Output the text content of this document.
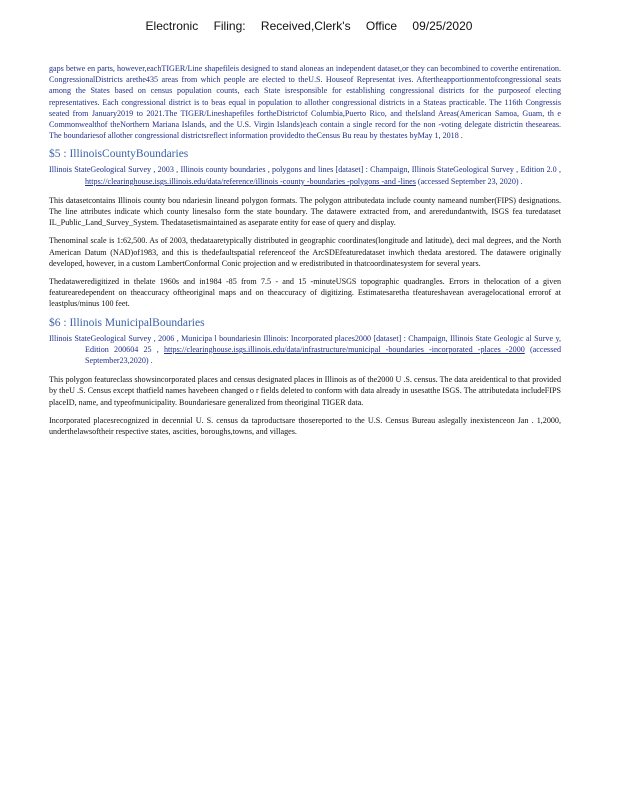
Electronic Filing: Received,Clerk's Office 09/25/2020

gaps betwe en parts, however,eachTIGER/Line shapefileis designed to stand aloneas an independent dataset,or they can becombined to coverthe entirenation. CongressionalDistricts arethe435 areas from which people are elected to theU.S. Houseof Representat ives. Aftertheapportionmentofcongressional seats among the States based on census population counts, each State isresponsible for establishing congressional districts for the purposeof electing representatives. Each congressional district is to beas equal in population to allother congressional districts in a Stateas practicable. The 116th Congressis seated from January2019 to 2021.The TIGER/Lineshapefiles fortheDistrictof Columbia,Puerto Rico, and theIsland Areas(American Samoa, Guam, th e Commonwealthof theNorthern Mariana Islands, and the U.S. Virgin Islands)each contain a single record for the non -voting delegate districtin theseareas. The boundariesof allother congressional districtsreflect information providedto theCensus Bu reau by thestates byMay 1, 2018 .

$5 : IllinoisCountyBoundaries

Illinois StateGeological Survey , 2003 , Illinois county boundaries , polygons and lines [dataset] : Champaign, Illinois StateGeological Survey , Edition 2.0 , https://clearinghouse.isgs.illinois.edu/data/reference/illinois -county -boundaries -polygons -and -lines (accessed September 23, 2020) .

This datasetcontains Illinois county bou ndariesin lineand polygon formats. The polygon attributedata include county nameand number(FIPS) designations. The line attributes indicate which county linesalso form the state boundary. The datawere extracted from, and areredundantwith, ISGS fea turedataset IL_Public_Land_Survey_System. Thedatasetismaintained as aseparate entity for ease of query and display.

Thenominal scale is 1:62,500. As of 2003, thedataaretypically distributed in geographic coordinates(longitude and latitude), deci mal degrees, and the North American Datum (NAD)of1983, and this is thedefaultspatial referenceof the ArcSDEfeaturedataset inwhich thedata arestored. The datawere originally developed, however, in a custom LambertConformal Conic projection and w eredistributed in thatcoordinatesystem for several years.

Thedataweredigitized in thelate 1960s and in1984 -85 from 7.5 - and 15 -minuteUSGS topographic quadrangles. Errors in thelocation of a given featurearedependent on theaccuracy oftheoriginal maps and on theaccuracy of digitizing. Estimatesaretha tfeatureshavean averagelocational errorof at leastplus/minus 100 feet.

$6 : Illinois MunicipalBoundaries

Illinois StateGeological Survey , 2006 , Municipa l boundariesin Illinois: Incorporated places2000 [dataset] : Champaign, Illinois State Geologic al Surve y, Edition 200604 25 , https://clearinghouse.isgs.illinois.edu/data/infrastructure/municipal -boundaries -incorporated -places -2000 (accessed September23,2020) .

This polygon featureclass showsincorporated places and census designated places in Illinois as of the2000 U .S. census. The data areidentical to that provided by theU .S. Census except thatfield names havebeen changed o r fields deleted to conform with data already in usesatthe ISGS. The attributedata includeFIPS placeID, name, and typeofmunicipality. Boundariesare generalized from theoriginal TIGER data.

Incorporated placesrecognized in decennial U. S. census da taproductsare thosereported to the U.S. Census Bureau aslegally inexistenceon Jan . 1,2000, underthelawsoftheir respective states, ascities, boroughs,towns, and villages.
